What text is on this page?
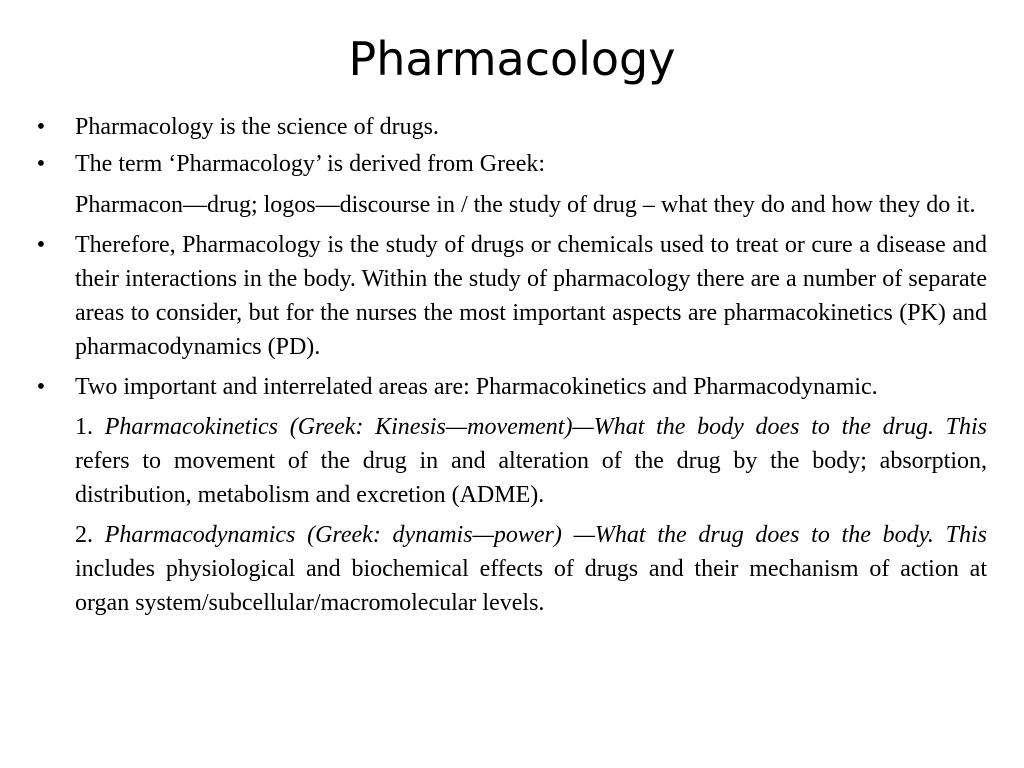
Pharmacology
• Pharmacology is the science of drugs.
• The term ‘Pharmacology’ is derived from Greek:
Pharmacon—drug; logos—discourse in / the study of drug – what they do and how they do it.
• Therefore, Pharmacology is the study of drugs or chemicals used to treat or cure a disease and their interactions in the body. Within the study of pharmacology there are a number of separate areas to consider, but for the nurses the most important aspects are pharmacokinetics (PK) and pharmacodynamics (PD).
• Two important and interrelated areas are: Pharmacokinetics and Pharmacodynamic.
1. Pharmacokinetics (Greek: Kinesis—movement)—What the body does to the drug. This refers to movement of the drug in and alteration of the drug by the body; absorption, distribution, metabolism and excretion (ADME).
2. Pharmacodynamics (Greek: dynamis—power) —What the drug does to the body. This includes physiological and biochemical effects of drugs and their mechanism of action at organ system/subcellular/macromolecular levels.
